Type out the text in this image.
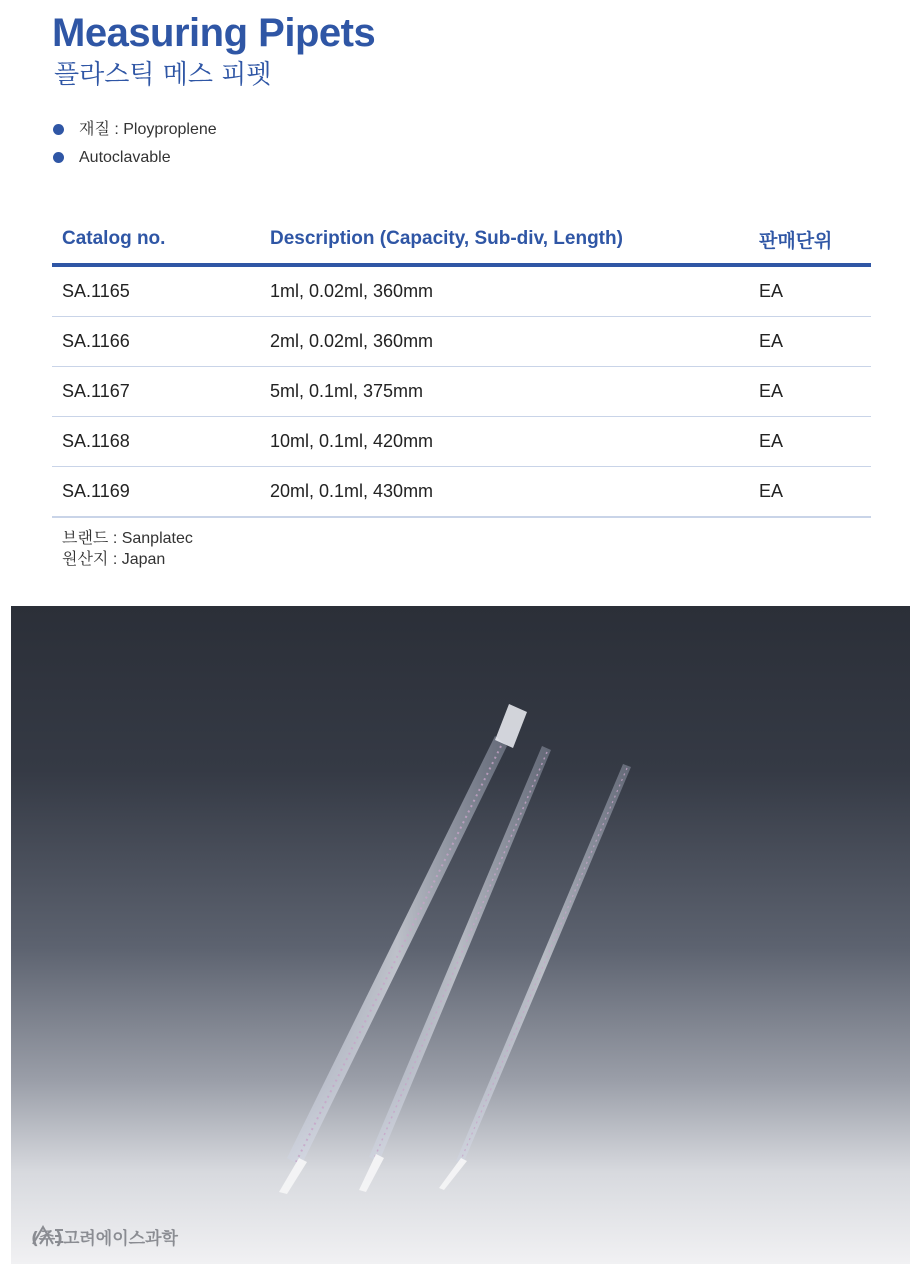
Measuring Pipets
플라스틱 메스 피펫
재질 : Ployproplene
Autoclavable
Catalog no.	Description (Capacity, Sub-div, Length)	판매단위
SA.1165	1ml, 0.02ml, 360mm	EA
SA.1166	2ml, 0.02ml, 360mm	EA
SA.1167	5ml, 0.1ml, 375mm	EA
SA.1168	10ml, 0.1ml, 420mm	EA
SA.1169	20ml, 0.1ml, 430mm	EA
브랜드 : Sanplatec
원산지 : Japan
(주)고려에이스과학
